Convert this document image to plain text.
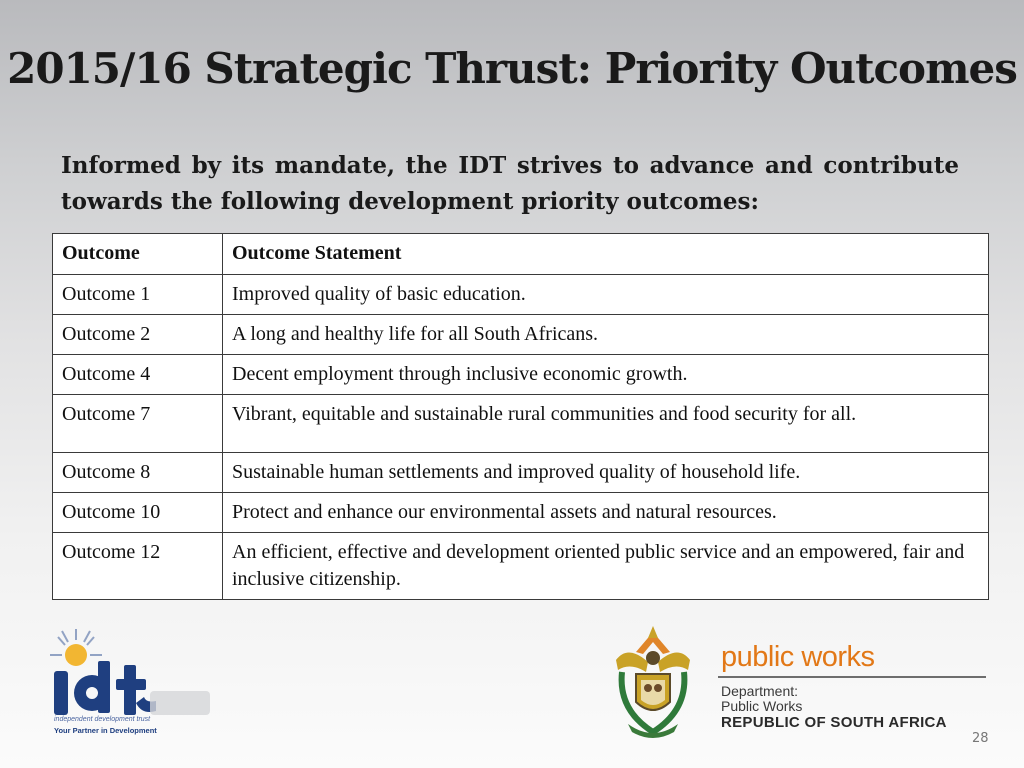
2015/16 Strategic Thrust: Priority Outcomes

Informed by its mandate, the IDT strives to advance and contribute towards the following development priority outcomes:

Outcome	Outcome Statement
Outcome 1	Improved quality of basic education.
Outcome 2	A long and healthy life for all South Africans.
Outcome 4	Decent employment through inclusive economic growth.
Outcome 7	Vibrant, equitable and sustainable rural communities and food security for all.
Outcome 8	Sustainable human settlements and improved quality of household life.
Outcome 10	Protect and enhance our environmental assets and natural resources.
Outcome 12	An efficient, effective and development oriented public service and an empowered, fair and inclusive citizenship.
independent development trust
Your Partner in Development

public works

Department:

Public Works

REPUBLIC OF SOUTH AFRICA

28
